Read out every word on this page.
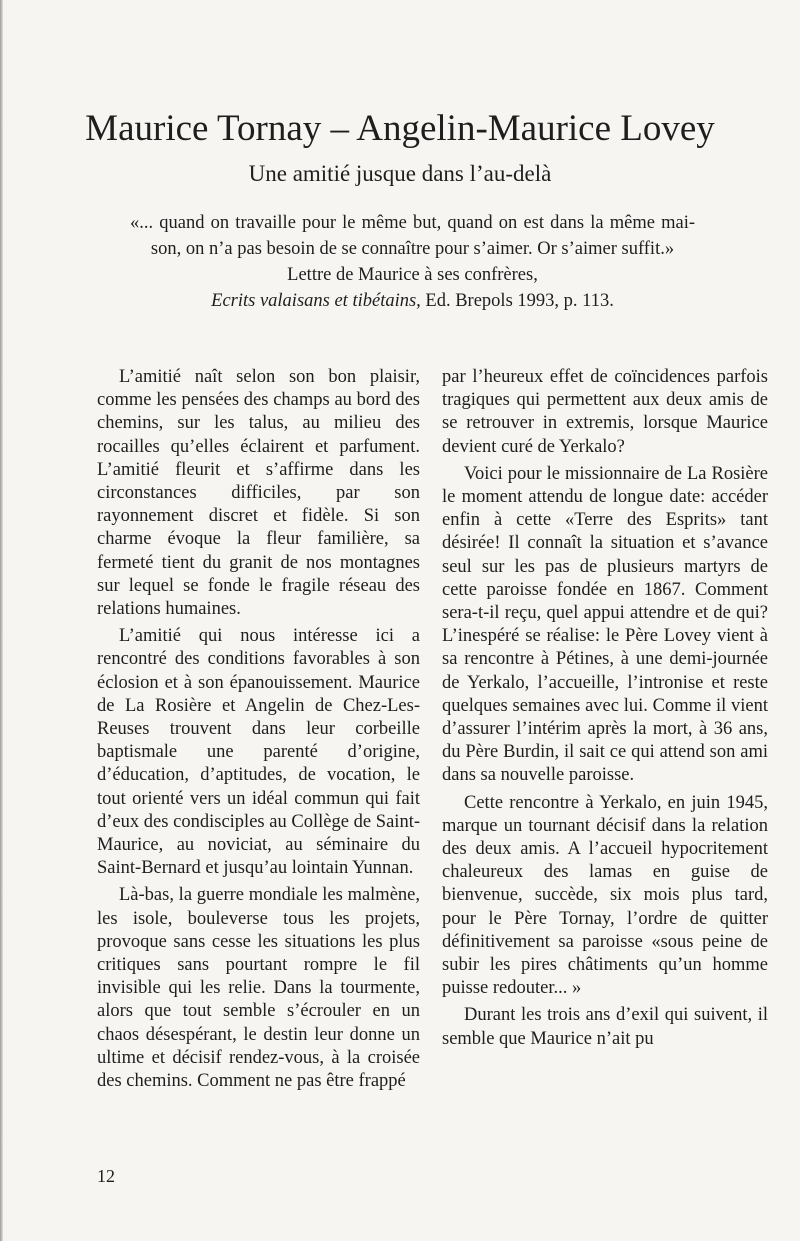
Maurice Tornay – Angelin-Maurice Lovey
Une amitié jusque dans l’au-delà
«... quand on travaille pour le même but, quand on est dans la même mai-
son, on n’a pas besoin de se connaître pour s’aimer. Or s’aimer suffit.»
Lettre de Maurice à ses confrères,
Ecrits valaisans et tibétains, Ed. Brepols 1993, p. 113.

L’amitié naît selon son bon plaisir, comme les pensées des champs au bord des chemins, sur les talus, au milieu des rocailles qu’elles éclairent et parfument. L’amitié fleurit et s’affirme dans les circonstances difficiles, par son rayonnement discret et fidèle. Si son charme évoque la fleur familière, sa fermeté tient du granit de nos montagnes sur lequel se fonde le fragile réseau des relations humaines.

L’amitié qui nous intéresse ici a rencontré des conditions favorables à son éclosion et à son épanouissement. Maurice de La Rosière et Angelin de Chez-Les-Reuses trouvent dans leur corbeille baptismale une parenté d’origine, d’éducation, d’aptitudes, de vocation, le tout orienté vers un idéal commun qui fait d’eux des condisciples au Collège de Saint-Maurice, au noviciat, au séminaire du Saint-Bernard et jusqu’au lointain Yunnan.

Là-bas, la guerre mondiale les malmène, les isole, bouleverse tous les projets, provoque sans cesse les situations les plus critiques sans pourtant rompre le fil invisible qui les relie. Dans la tourmente, alors que tout semble s’écrouler en un chaos désespérant, le destin leur donne un ultime et décisif rendez-vous, à la croisée des chemins. Comment ne pas être frappé

par l’heureux effet de coïncidences parfois tragiques qui permettent aux deux amis de se retrouver in extremis, lorsque Maurice devient curé de Yerkalo?

Voici pour le missionnaire de La Rosière le moment attendu de longue date: accéder enfin à cette «Terre des Esprits» tant désirée! Il connaît la situation et s’avance seul sur les pas de plusieurs martyrs de cette paroisse fondée en 1867. Comment sera-t-il reçu, quel appui attendre et de qui? L’inespéré se réalise: le Père Lovey vient à sa rencontre à Pétines, à une demi-journée de Yerkalo, l’accueille, l’intronise et reste quelques semaines avec lui. Comme il vient d’assurer l’intérim après la mort, à 36 ans, du Père Burdin, il sait ce qui attend son ami dans sa nouvelle paroisse.

Cette rencontre à Yerkalo, en juin 1945, marque un tournant décisif dans la relation des deux amis. A l’accueil hypocritement chaleureux des lamas en guise de bienvenue, succède, six mois plus tard, pour le Père Tornay, l’ordre de quitter définitivement sa paroisse «sous peine de subir les pires châtiments qu’un homme puisse redouter... »

Durant les trois ans d’exil qui suivent, il semble que Maurice n’ait pu

12
